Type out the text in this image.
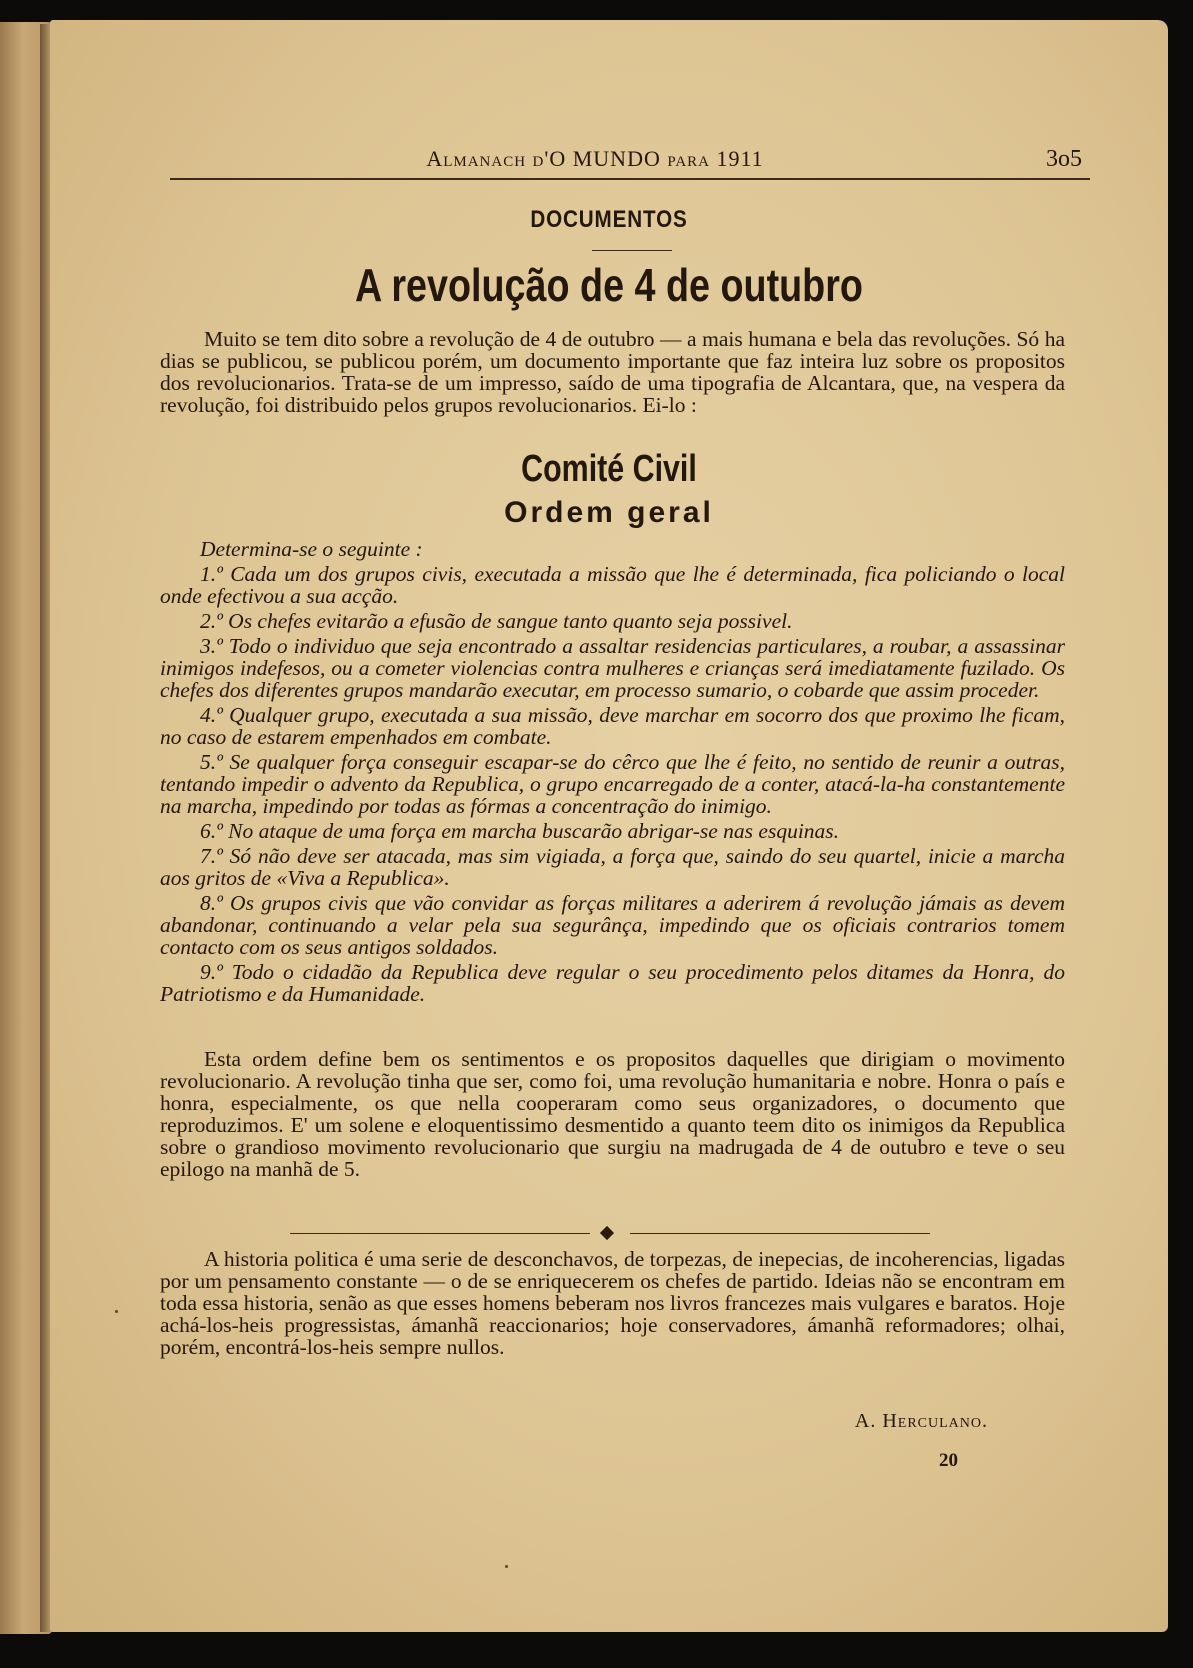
Almanach d'O MUNDO para 1911	3o5
DOCUMENTOS
A revolução de 4 de outubro

Muito se tem dito sobre a revolução de 4 de outubro — a mais humana e bela das revoluções. Só ha dias se publicou, se publicou porém, um documento importante que faz inteira luz sobre os propositos dos revolucionarios. Trata-se de um impresso, saído de uma tipografia de Alcantara, que, na vespera da revolução, foi distribuido pelos grupos revolucionarios. Ei-lo :

Comité Civil
Ordem geral

Determina-se o seguinte :

1.º Cada um dos grupos civis, executada a missão que lhe é determinada, fica policiando o local onde efectivou a sua acção.

2.º Os chefes evitarão a efusão de sangue tanto quanto seja possivel.

3.º Todo o individuo que seja encontrado a assaltar residencias particulares, a roubar, a assassinar inimigos indefesos, ou a cometer violencias contra mulheres e crianças será imediatamente fuzilado. Os chefes dos diferentes grupos mandarão executar, em processo sumario, o cobarde que assim proceder.

4.º Qualquer grupo, executada a sua missão, deve marchar em socorro dos que proximo lhe ficam, no caso de estarem empenhados em combate.

5.º Se qualquer força conseguir escapar-se do cêrco que lhe é feito, no sentido de reunir a outras, tentando impedir o advento da Republica, o grupo encarregado de a conter, atacá-la-ha constantemente na marcha, impedindo por todas as fórmas a concentração do inimigo.

6.º No ataque de uma força em marcha buscarão abrigar-se nas esquinas.

7.º Só não deve ser atacada, mas sim vigiada, a força que, saindo do seu quartel, inicie a marcha aos gritos de «Viva a Republica».

8.º Os grupos civis que vão convidar as forças militares a aderirem á revolução jámais as devem abandonar, continuando a velar pela sua segurânça, impedindo que os oficiais contrarios tomem contacto com os seus antigos soldados.

9.º Todo o cidadão da Republica deve regular o seu procedimento pelos ditames da Honra, do Patriotismo e da Humanidade.

Esta ordem define bem os sentimentos e os propositos daquelles que dirigiam o movimento revolucionario. A revolução tinha que ser, como foi, uma revolução humanitaria e nobre. Honra o país e honra, especialmente, os que nella cooperaram como seus organizadores, o documento que reproduzimos. E' um solene e eloquentissimo desmentido a quanto teem dito os inimigos da Republica sobre o grandioso movimento revolucionario que surgiu na madrugada de 4 de outubro e teve o seu epilogo na manhã de 5.

A historia politica é uma serie de desconchavos, de torpezas, de inepecias, de incoherencias, ligadas por um pensamento constante — o de se enriquecerem os chefes de partido. Ideias não se encontram em toda essa historia, senão as que esses homens beberam nos livros francezes mais vulgares e baratos. Hoje achá-los-heis progressistas, ámanhã reaccionarios; hoje conservadores, ámanhã reformadores; olhai, porém, encontrá-los-heis sempre nullos.

A. Herculano.
20
